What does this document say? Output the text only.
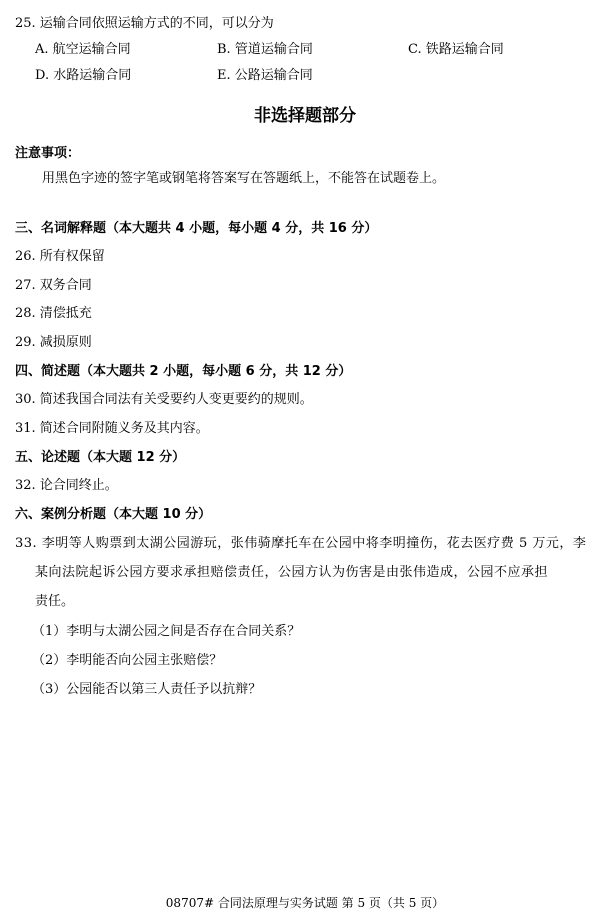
25. 运输合同依照运输方式的不同，可以分为
A. 航空运输合同	B. 管道运输合同	C. 铁路运输合同
D. 水路运输合同	E. 公路运输合同
非选择题部分
注意事项：
用黑色字迹的签字笔或钢笔将答案写在答题纸上，不能答在试题卷上。
三、名词解释题（本大题共 4 小题，每小题 4 分，共 16 分）
26. 所有权保留
27. 双务合同
28. 清偿抵充
29. 减损原则
四、简述题（本大题共 2 小题，每小题 6 分，共 12 分）
30. 简述我国合同法有关受要约人变更要约的规则。
31. 简述合同附随义务及其内容。
五、论述题（本大题 12 分）
32. 论合同终止。
六、案例分析题（本大题 10 分）
33. 李明等人购票到太湖公园游玩，张伟骑摩托车在公园中将李明撞伤，花去医疗费 5 万元，李
某向法院起诉公园方要求承担赔偿责任，公园方认为伤害是由张伟造成，公园不应承担
责任。
（1）李明与太湖公园之间是否存在合同关系？
（2）李明能否向公园主张赔偿？
（3）公园能否以第三人责任予以抗辩？
08707# 合同法原理与实务试题 第 5 页（共 5 页）
